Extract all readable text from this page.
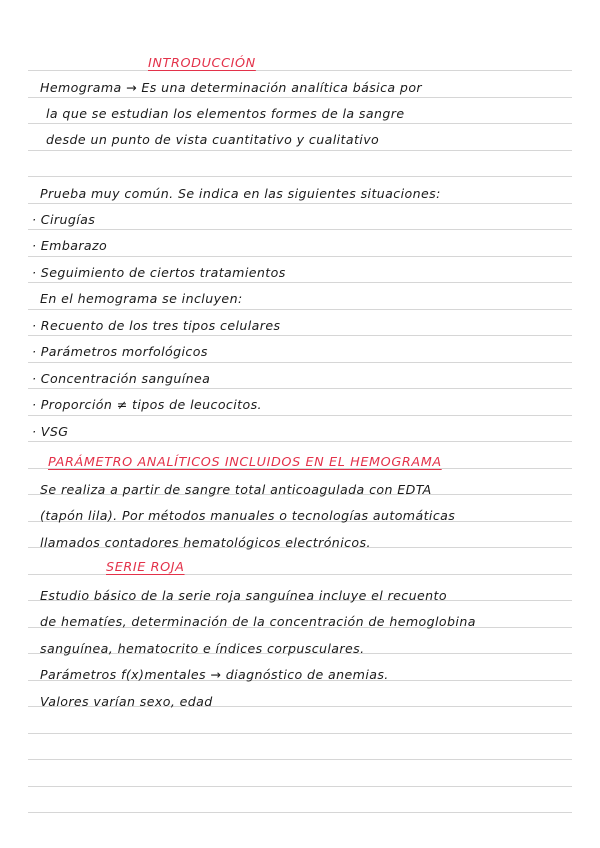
INTRODUCCIÓN
Hemograma → Es una determinación analítica básica por
la que se estudian los elementos formes de la sangre
desde un punto de vista cuantitativo y cualitativo
Prueba muy común. Se indica en las siguientes situaciones:
· Cirugías
· Embarazo
· Seguimiento de ciertos tratamientos
En el hemograma se incluyen:
· Recuento de los tres tipos celulares
· Parámetros morfológicos
· Concentración sanguínea
· Proporción ≠ tipos de leucocitos.
· VSG
PARÁMETRO ANALÍTICOS INCLUIDOS EN EL HEMOGRAMA
Se realiza a partir de sangre total anticoagulada con EDTA
(tapón lila). Por métodos manuales o tecnologías automáticas
llamados contadores hematológicos electrónicos.
SERIE ROJA
Estudio básico de la serie roja sanguínea incluye el recuento
de hematíes, determinación de la concentración de hemoglobina
sanguínea, hematocrito e índices corpusculares.
Parámetros f(x)mentales → diagnóstico de anemias.
Valores varían sexo, edad
